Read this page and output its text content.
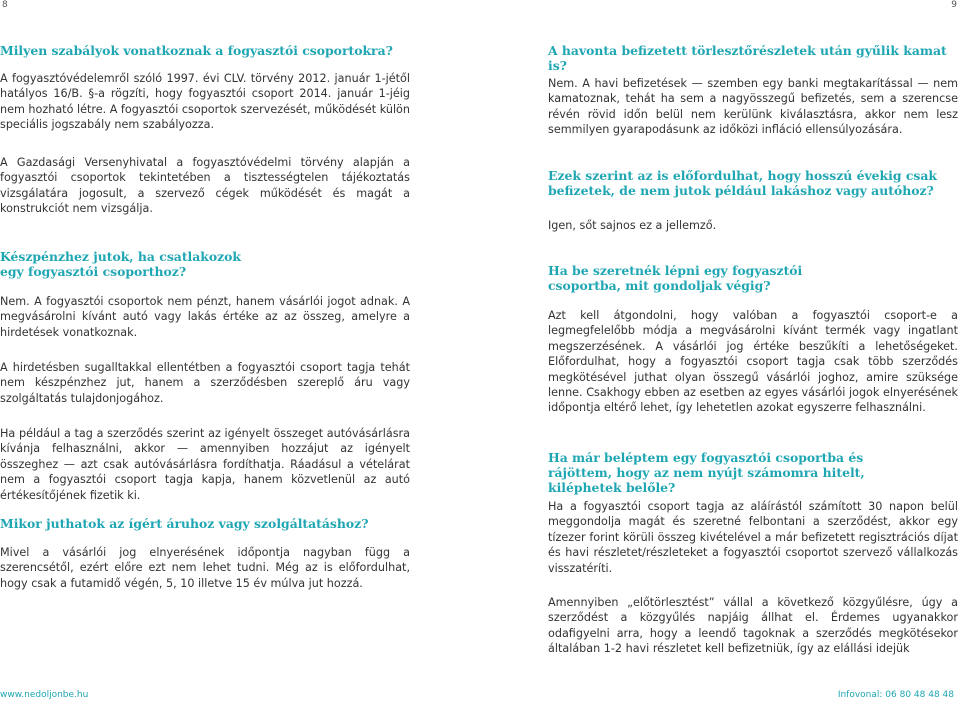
8	9
Milyen szabályok vonatkoznak a fogyasztói csoportokra?

A fogyasztóvédelemről szóló 1997. évi CLV. törvény 2012. január 1-jétől hatályos 16/B. §-a rögzíti, hogy fogyasztói csoport 2014. január 1-jéig nem hozható létre. A fogyasztói csoportok szervezését, működését külön speciális jogszabály nem szabályozza.

A Gazdasági Versenyhivatal a fogyasztóvédelmi törvény alapján a fogyasztói csoportok tekintetében a tisztességtelen tájékoztatás vizsgálatára jogosult, a szervező cégek működését és magát a konstrukciót nem vizsgálja.

Készpénzhez jutok, ha csatlakozok egy fogyasztói csoporthoz?

Nem. A fogyasztói csoportok nem pénzt, hanem vásárlói jogot adnak. A megvásárolni kívánt autó vagy lakás értéke az az összeg, amelyre a hirdetések vonatkoznak.

A hirdetésben sugalltakkal ellentétben a fogyasztói csoport tagja tehát nem készpénzhez jut, hanem a szerződésben szereplő áru vagy szolgáltatás tulajdonjogához.

Ha például a tag a szerződés szerint az igényelt összeget autóvásárlásra kívánja felhasználni, akkor — amennyiben hozzájut az igényelt összeghez — azt csak autóvásárlásra fordíthatja. Ráadásul a vételárat nem a fogyasztói csoport tagja kapja, hanem közvetlenül az autó értékesítőjének fizetik ki.

Mikor juthatok az ígért áruhoz vagy szolgáltatáshoz?

Mivel a vásárlói jog elnyerésének időpontja nagyban függ a szerencsétől, ezért előre ezt nem lehet tudni. Még az is előfordulhat, hogy csak a futamidő végén, 5, 10 illetve 15 év múlva jut hozzá.

A havonta befizetett törlesztőrészletek után gyűlik kamat is?

Nem. A havi befizetések — szemben egy banki megtakarítással — nem kamatoznak, tehát ha sem a nagyösszegű befizetés, sem a szerencse révén rövid időn belül nem kerülünk kiválasztásra, akkor nem lesz semmilyen gyarapodásunk az időközi infláció ellensúlyozására.

Ezek szerint az is előfordulhat, hogy hosszú évekig csak befizetek, de nem jutok például lakáshoz vagy autóhoz?

Igen, sőt sajnos ez a jellemző.

Ha be szeretnék lépni egy fogyasztói csoportba, mit gondoljak végig?

Azt kell átgondolni, hogy valóban a fogyasztói csoport-e a legmegfelelőbb módja a megvásárolni kívánt termék vagy ingatlant megszerzésének. A vásárlói jog értéke beszűkíti a lehetőségeket. Előfordulhat, hogy a fogyasztói csoport tagja csak több szerződés megkötésével juthat olyan összegű vásárlói joghoz, amire szüksége lenne. Csakhogy ebben az esetben az egyes vásárlói jogok elnyerésének időpontja eltérő lehet, így lehetetlen azokat egyszerre felhasználni.

Ha már beléptem egy fogyasztói csoportba és rájöttem, hogy az nem nyújt számomra hitelt, kiléphetek belőle?

Ha a fogyasztói csoport tagja az aláírástól számított 30 napon belül meggondolja magát és szeretné felbontani a szerződést, akkor egy tízezer forint körüli összeg kivételével a már befizetett regisztrációs díjat és havi részletet/részleteket a fogyasztói csoportot szervező vállalkozás visszatéríti.

Amennyiben „előtörlesztést” vállal a következő közgyűlésre, úgy a szerződést a közgyűlés napjáig állhat el. Érdemes ugyanakkor odafigyelni arra, hogy a leendő tagoknak a szerződés megkötésekor általában 1-2 havi részletet kell befizetniük, így az elállási idejük

www.nedoljonbe.hu	Infovonal: 06 80 48 48 48
